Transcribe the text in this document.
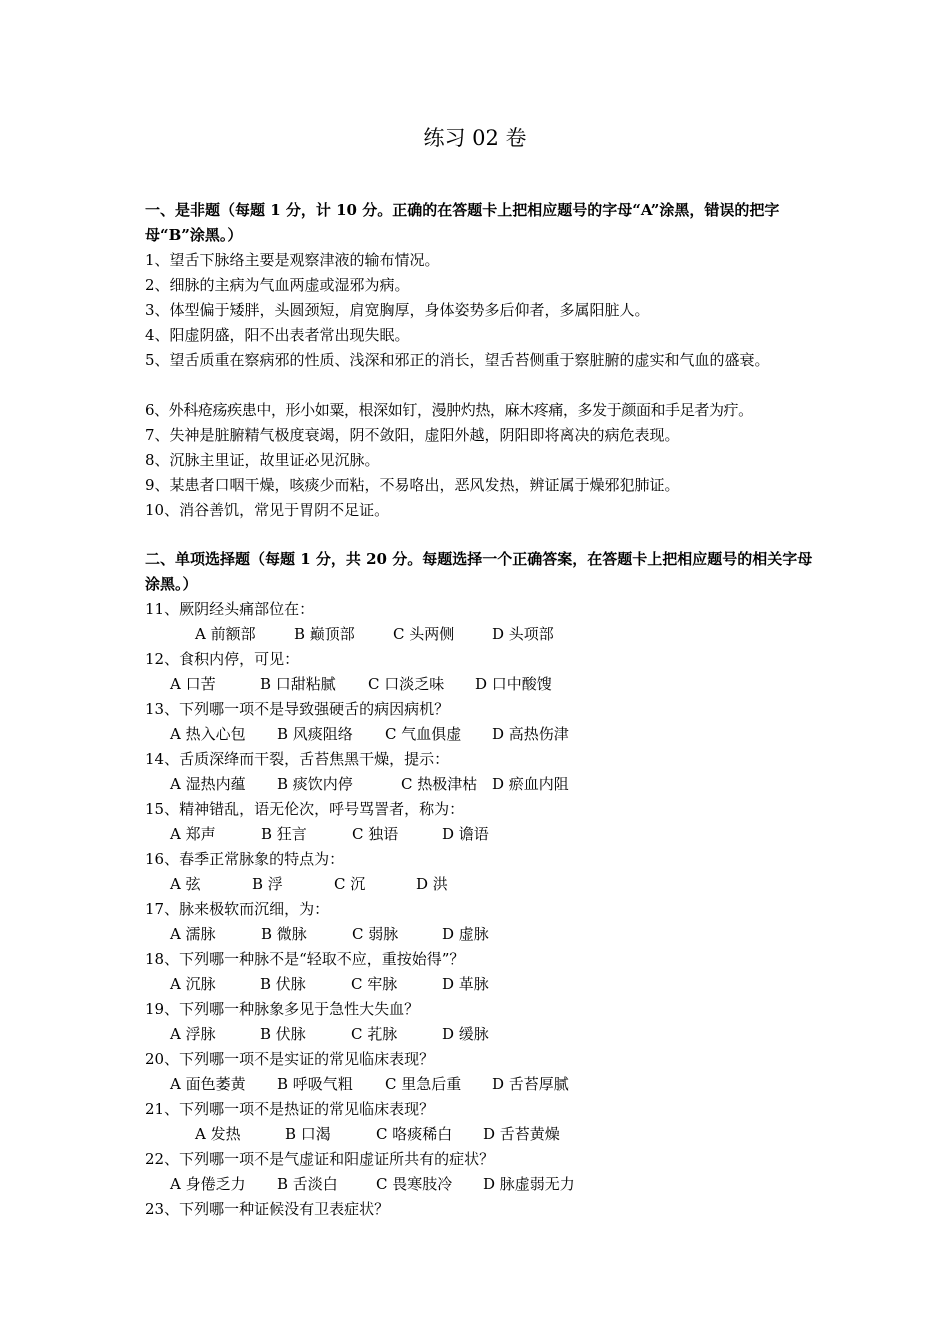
练习 02 卷
一、是非题（每题 1 分，计 10 分。正确的在答题卡上把相应题号的字母“A”涂黑，错误的把字母“B”涂黑。）
1、望舌下脉络主要是观察津液的输布情况。
2、细脉的主病为气血两虚或湿邪为病。
3、体型偏于矮胖，头圆颈短，肩宽胸厚，身体姿势多后仰者，多属阳脏人。
4、阳虚阴盛，阳不出表者常出现失眠。
5、望舌质重在察病邪的性质、浅深和邪正的消长，望舌苔侧重于察脏腑的虚实和气血的盛衰。
6、外科疮疡疾患中，形小如粟，根深如钉，漫肿灼热，麻木疼痛，多发于颜面和手足者为疔。
7、失神是脏腑精气极度衰竭，阴不敛阳，虚阳外越，阴阳即将离决的病危表现。
8、沉脉主里证，故里证必见沉脉。
9、某患者口咽干燥，咳痰少而粘，不易咯出，恶风发热，辨证属于燥邪犯肺证。
10、消谷善饥，常见于胃阴不足证。
二、单项选择题（每题 1 分，共 20 分。每题选择一个正确答案，在答题卡上把相应题号的相关字母涂黑。）
11、厥阴经头痛部位在：
A 前额部	B 巅顶部	C 头两侧	D 头项部
12、食积内停，可见：
A 口苦	B 口甜粘腻 C 口淡乏味 D 口中酸馊
13、下列哪一项不是导致强硬舌的病因病机？
A 热入心包 B 风痰阻络 C 气血俱虚 D 高热伤津
14、舌质深绛而干裂，舌苔焦黑干燥，提示：
A 湿热内蕴 B 痰饮内停	C 热极津枯 D 瘀血内阻
15、精神错乱，语无伦次，呼号骂詈者，称为：
A 郑声	B 狂言	C 独语	D 谵语
16、春季正常脉象的特点为：
A 弦	B 浮	C 沉	D 洪
17、脉来极软而沉细，为：
A 濡脉	B 微脉	C 弱脉	D 虚脉
18、下列哪一种脉不是“轻取不应，重按始得”？
A 沉脉	B 伏脉	C 牢脉	D 革脉
19、下列哪一种脉象多见于急性大失血？
A 浮脉	B 伏脉	C 芤脉	D 缓脉
20、下列哪一项不是实证的常见临床表现？
A 面色萎黄 B 呼吸气粗 C 里急后重 D 舌苔厚腻
21、下列哪一项不是热证的常见临床表现？
A 发热	B 口渴	C 咯痰稀白 D 舌苔黄燥
22、下列哪一项不是气虚证和阳虚证所共有的症状？
A 身倦乏力 B 舌淡白	C 畏寒肢冷 D 脉虚弱无力
23、下列哪一种证候没有卫表症状？
